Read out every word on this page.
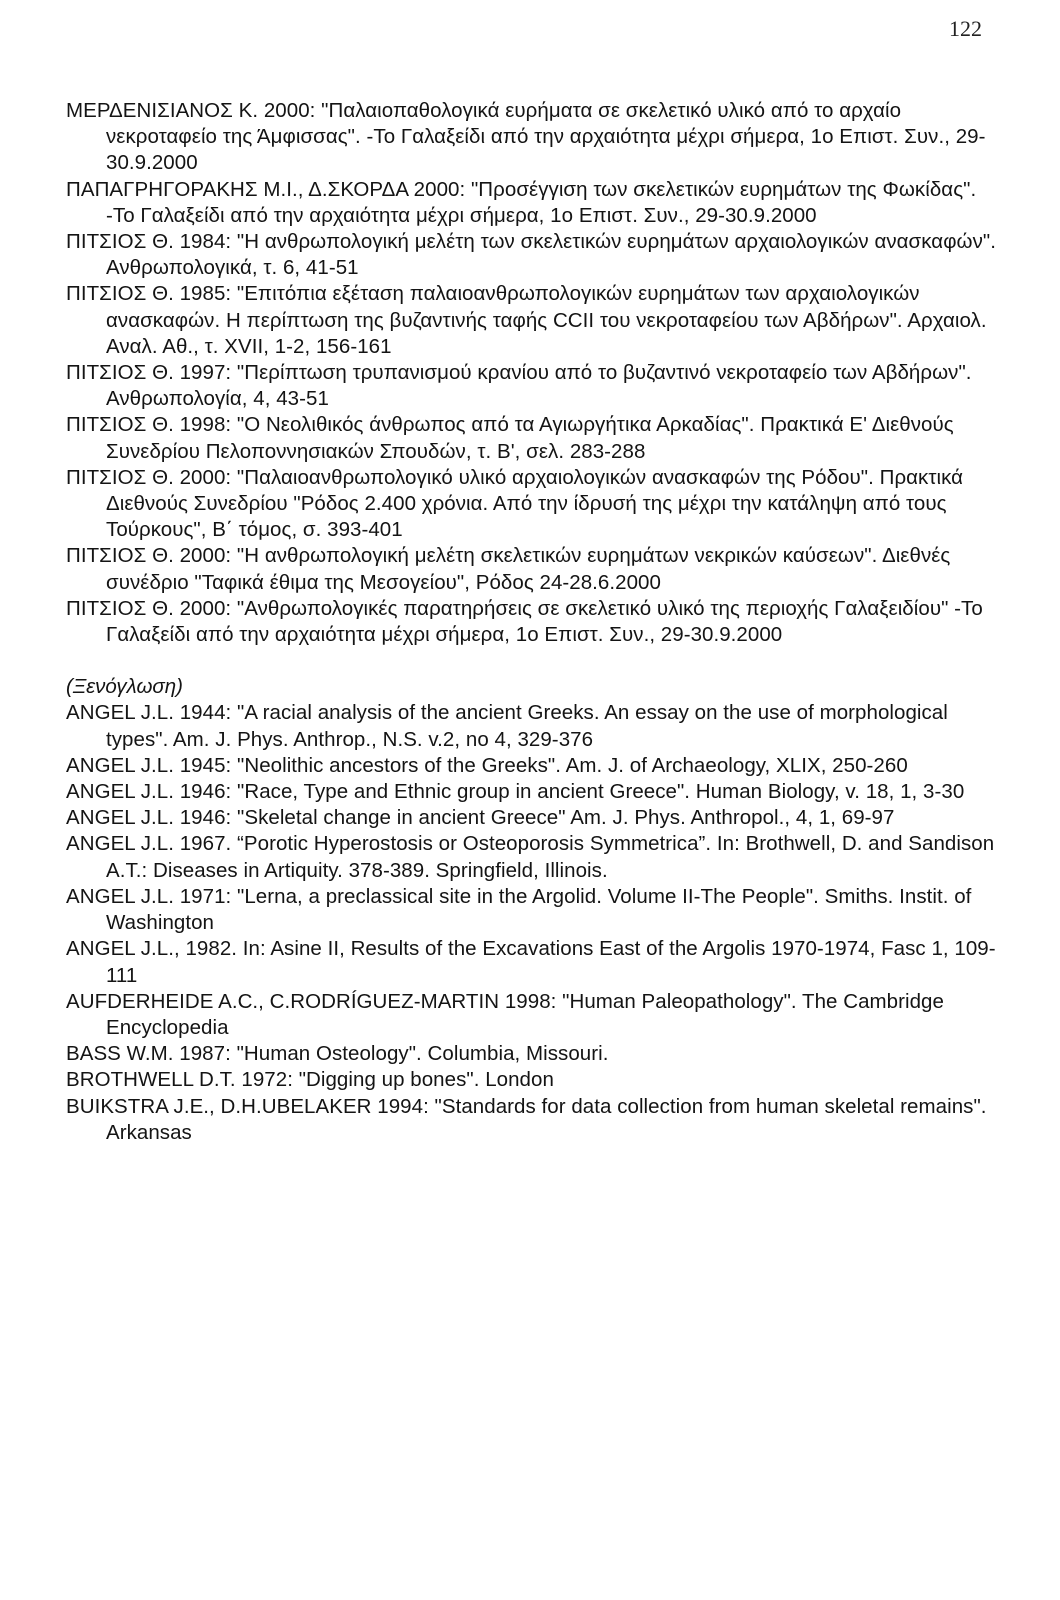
122

ΜΕΡΔΕΝΙΣΙΑΝΟΣ Κ. 2000: "Παλαιοπαθολογικά ευρήματα σε σκελετικό υλικό από το αρχαίο νεκροταφείο της Άμφισσας". -Το Γαλαξείδι από την αρχαιότητα μέχρι σήμερα, 1ο Επιστ. Συν., 29-30.9.2000

ΠΑΠΑΓΡΗΓΟΡΑΚΗΣ Μ.Ι., Δ.ΣΚΟΡΔΑ 2000: "Προσέγγιση των σκελετικών ευρημάτων της Φωκίδας". -Το Γαλαξείδι από την αρχαιότητα μέχρι σήμερα, 1ο Επιστ. Συν., 29-30.9.2000

ΠΙΤΣΙΟΣ Θ. 1984: "Η ανθρωπολογική μελέτη των σκελετικών ευρημάτων αρχαιολογικών ανασκαφών". Ανθρωπολογικά, τ. 6, 41-51

ΠΙΤΣΙΟΣ Θ. 1985: "Επιτόπια εξέταση παλαιοανθρωπολογικών ευρημάτων των αρχαιολογικών ανασκαφών. Η περίπτωση της βυζαντινής ταφής CCII του νεκροταφείου των Αβδήρων". Αρχαιολ. Αναλ. Αθ., τ. XVII, 1-2, 156-161

ΠΙΤΣΙΟΣ Θ. 1997: "Περίπτωση τρυπανισμού κρανίου από το βυζαντινό νεκροταφείο των Αβδήρων". Ανθρωπολογία, 4, 43-51

ΠΙΤΣΙΟΣ Θ. 1998: "Ο Νεολιθικός άνθρωπος από τα Αγιωργήτικα Αρκαδίας". Πρακτικά Ε' Διεθνούς Συνεδρίου Πελοποννησιακών Σπουδών, τ. Β', σελ. 283-288

ΠΙΤΣΙΟΣ Θ. 2000: "Παλαιοανθρωπολογικό υλικό αρχαιολογικών ανασκαφών της Ρόδου". Πρακτικά Διεθνούς Συνεδρίου "Ρόδος 2.400 χρόνια. Από την ίδρυσή της μέχρι την κατάληψη από τους Τούρκους", Β΄ τόμος, σ. 393-401

ΠΙΤΣΙΟΣ Θ. 2000: "Η ανθρωπολογική μελέτη σκελετικών ευρημάτων νεκρικών καύσεων". Διεθνές συνέδριο "Ταφικά έθιμα της Μεσογείου", Ρόδος 24-28.6.2000

ΠΙΤΣΙΟΣ Θ. 2000: "Ανθρωπολογικές παρατηρήσεις σε σκελετικό υλικό της περιοχής Γαλαξειδίου" -Το Γαλαξείδι από την αρχαιότητα μέχρι σήμερα, 1ο Επιστ. Συν., 29-30.9.2000

(Ξενόγλωση)

ANGEL J.L. 1944: "A racial analysis of the ancient Greeks. An essay on the use of morphological types". Am. J. Phys. Anthrop., N.S. v.2, no 4, 329-376

ANGEL J.L. 1945: "Neolithic ancestors of the Greeks". Am. J. of Archaeology, XLIX, 250-260

ANGEL J.L. 1946: "Race, Type and Ethnic group in ancient Greece". Human Biology, v. 18, 1, 3-30

ANGEL J.L. 1946: "Skeletal change in ancient Greece" Am. J. Phys. Anthropol., 4, 1, 69-97

ANGEL J.L. 1967. “Porotic Hyperostosis or Osteoporosis Symmetrica”. In: Brothwell, D. and Sandison A.T.: Diseases in Artiquity. 378-389. Springfield, Illinois.

ANGEL J.L. 1971: "Lerna, a preclassical site in the Argolid. Volume II-The People". Smiths. Instit. of Washington

ANGEL J.L., 1982. In: Asine II, Results of the Excavations East of the Argolis 1970-1974, Fasc 1, 109-111

AUFDERHEIDE A.C., C.RODRÍGUEZ-MARTIN 1998: "Human Paleopathology". The Cambridge Encyclopedia

BASS W.M. 1987: "Human Osteology". Columbia, Missouri.

BROTHWELL D.T. 1972: "Digging up bones". London

BUIKSTRA J.E., D.H.UBELAKER 1994: "Standards for data collection from human skeletal remains". Arkansas
